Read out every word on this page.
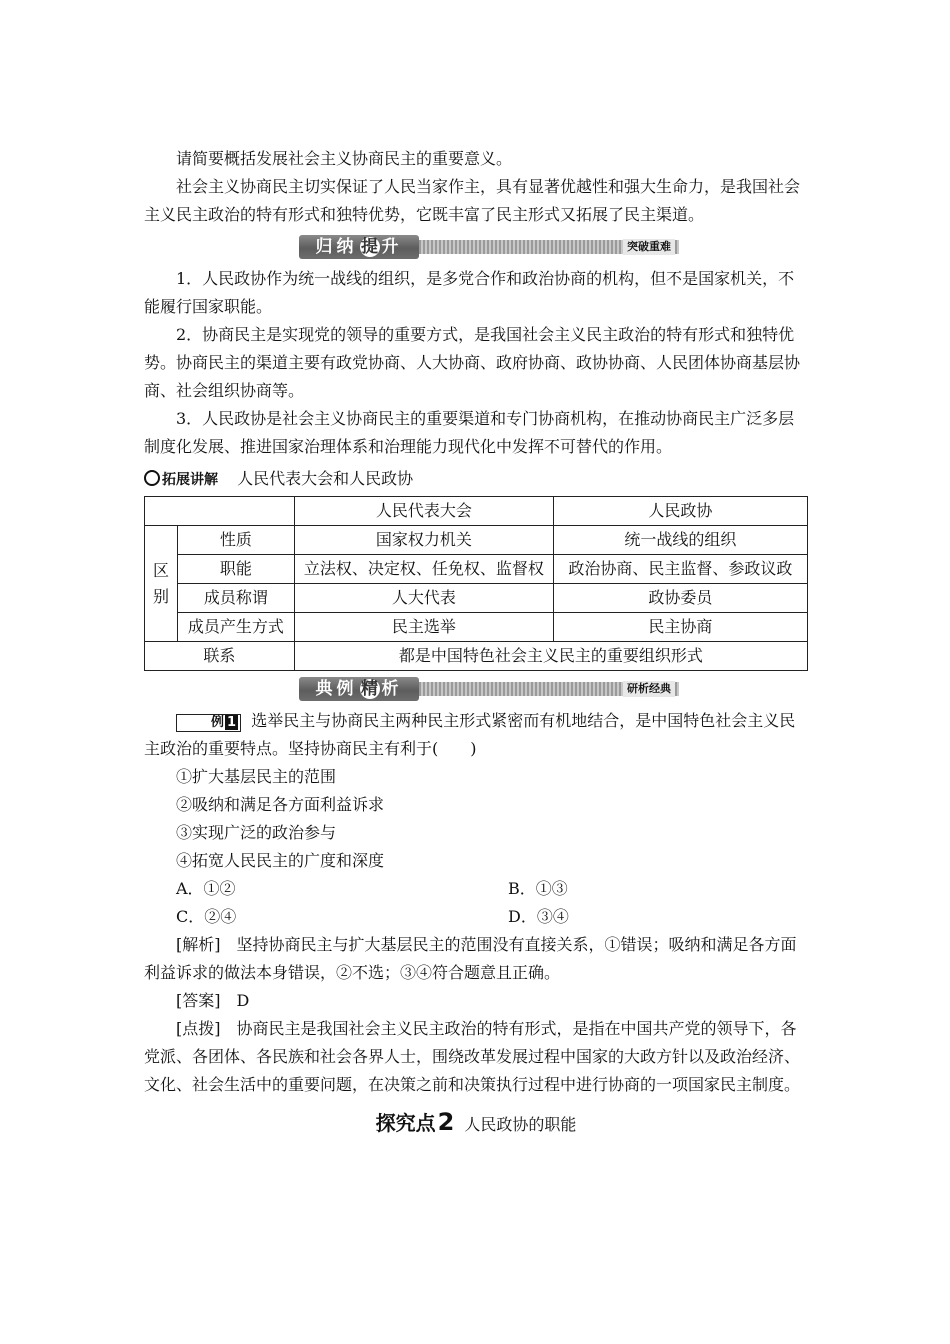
请简要概括发展社会主义协商民主的重要意义。

社会主义协商民主切实保证了人民当家作主，具有显著优越性和强大生命力，是我国社会主义民主政治的特有形式和独特优势，它既丰富了民主形式又拓展了民主渠道。

归纳 提 升	突破重难

1．人民政协作为统一战线的组织，是多党合作和政治协商的机构，但不是国家机关，不能履行国家职能。

2．协商民主是实现党的领导的重要方式，是我国社会主义民主政治的特有形式和独特优势。协商民主的渠道主要有政党协商、人大协商、政府协商、政协协商、人民团体协商基层协商、社会组织协商等。

3．人民政协是社会主义协商民主的重要渠道和专门协商机构，在推动协商民主广泛多层制度化发展、推进国家治理体系和治理能力现代化中发挥不可替代的作用。

拓展讲解 人民代表大会和人民政协
		人民代表大会	人民政协
区别	性质	国家权力机关	统一战线的组织
	职能	立法权、决定权、任免权、监督权	政治协商、民主监督、参政议政
	成员称谓	人大代表	政协委员
	成员产生方式	民主选举	民主协商
联系		都是中国特色社会主义民主的重要组织形式	
典例 精 析	研析经典

例 1 选举民主与协商民主两种民主形式紧密而有机地结合，是中国特色社会主义民主政治的重要特点。坚持协商民主有利于(　　)

①扩大基层民主的范围
②吸纳和满足各方面利益诉求
③实现广泛的政治参与
④拓宽人民民主的广度和深度
A．①②	B．①③
C．②④	D．③④

[解析]　坚持协商民主与扩大基层民主的范围没有直接关系，①错误；吸纳和满足各方面利益诉求的做法本身错误，②不选；③④符合题意且正确。

[答案]　D

[点拨]　协商民主是我国社会主义民主政治的特有形式，是指在中国共产党的领导下，各党派、各团体、各民族和社会各界人士，围绕改革发展过程中国家的大政方针以及政治经济、文化、社会生活中的重要问题，在决策之前和决策执行过程中进行协商的一项国家民主制度。

探究点2 人民政协的职能
